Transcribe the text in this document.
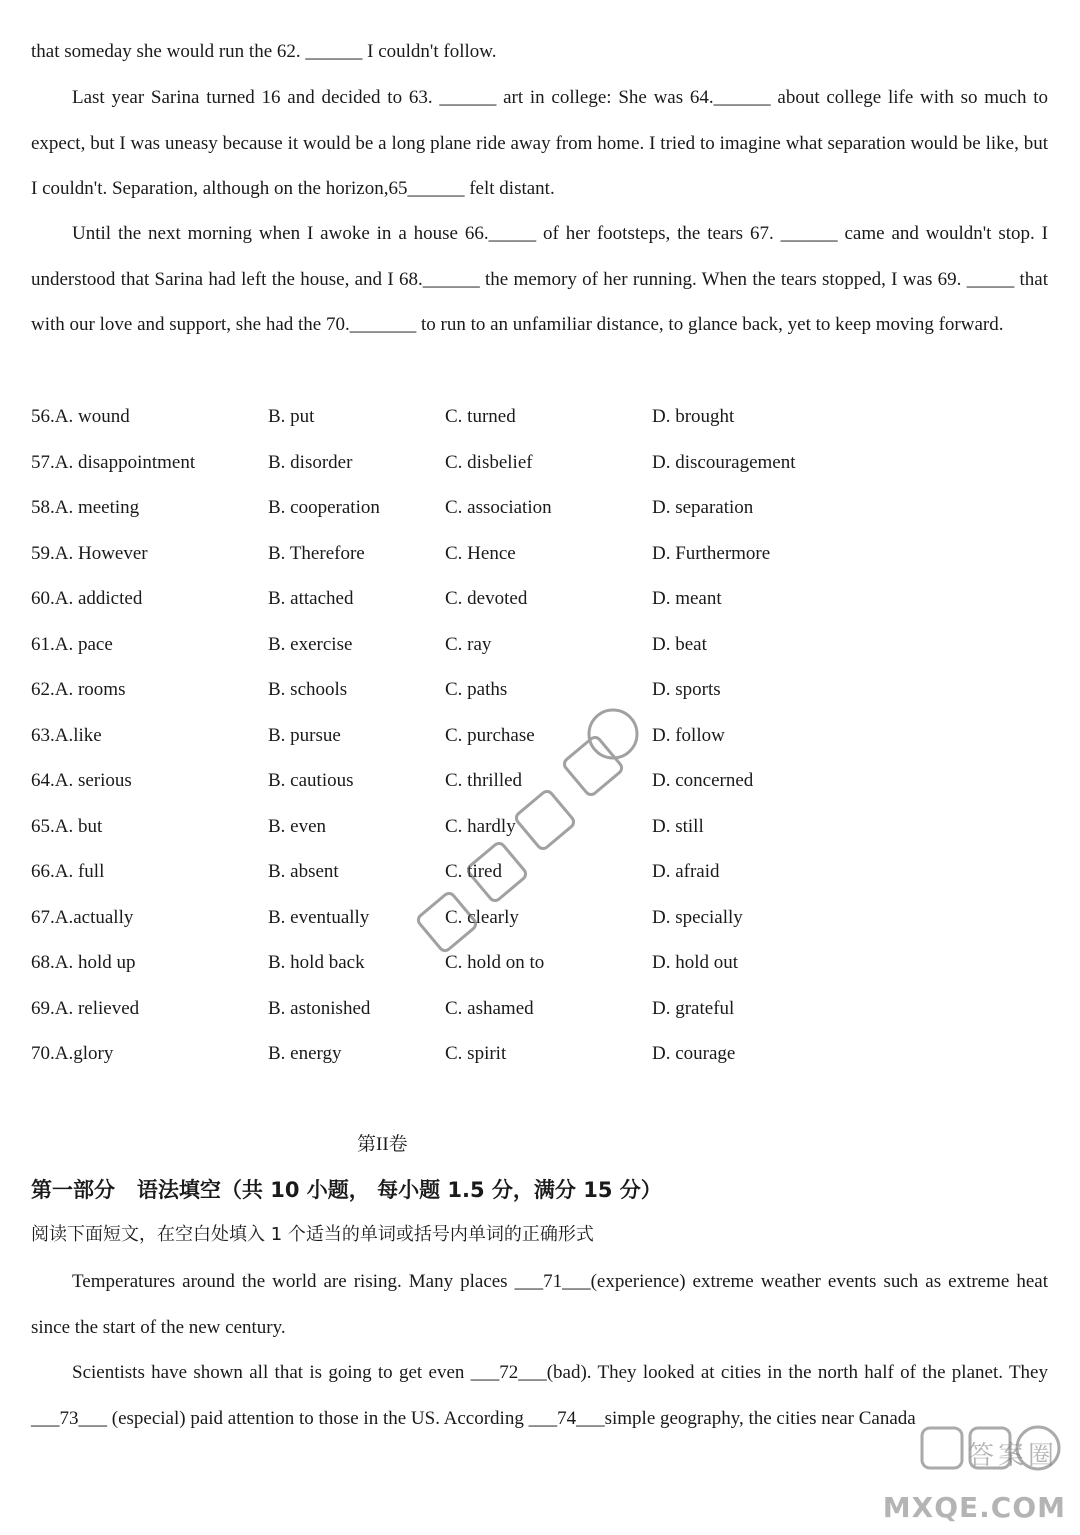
that someday she would run the 62. ______ I couldn't follow.

Last year Sarina turned 16 and decided to 63. ______ art in college: She was 64.______ about college life with so much to expect, but I was uneasy because it would be a long plane ride away from home. I tried to imagine what separation would be like, but I couldn't. Separation, although on the horizon,65______ felt distant.

Until the next morning when I awoke in a house 66._____ of her footsteps, the tears 67. ______ came and wouldn't stop. I understood that Sarina had left the house, and I 68.______ the memory of her running. When the tears stopped, I was 69. _____ that with our love and support, she had the 70._______ to run to an unfamiliar distance, to glance back, yet to keep moving forward.

56.A. wound	B. put	C. turned	D. brought
57.A. disappointment	B. disorder	C. disbelief	D. discouragement
58.A. meeting	B. cooperation	C. association	D. separation
59.A. However	B. Therefore	C. Hence	D. Furthermore
60.A. addicted	B. attached	C. devoted	D. meant
61.A. pace	B. exercise	C. ray	D. beat
62.A. rooms	B. schools	C. paths	D. sports
63.A.like	B. pursue	C. purchase	D. follow
64.A. serious	B. cautious	C. thrilled	D. concerned
65.A. but	B. even	C. hardly	D. still
66.A. full	B. absent	C. tired	D. afraid
67.A.actually	B. eventually	C. clearly	D. specially
68.A. hold up	B. hold back	C. hold on to	D. hold out
69.A. relieved	B. astonished	C. ashamed	D. grateful
70.A.glory	B. energy	C. spirit	D. courage
第II卷
第一部分   语法填空（共 10 小题， 每小题 1.5 分，满分 15 分）
阅读下面短文，在空白处填入 1 个适当的单词或括号内单词的正确形式

Temperatures around the world are rising. Many places ___71___(experience) extreme weather events such as extreme heat since the start of the new century.

Scientists have shown all that is going to get even ___72___(bad). They looked at cities in the north half of the planet. They ___73___ (especial) paid attention to those in the US. According ___74___simple geography, the cities near Canada

答案圈
MXQE.COM
